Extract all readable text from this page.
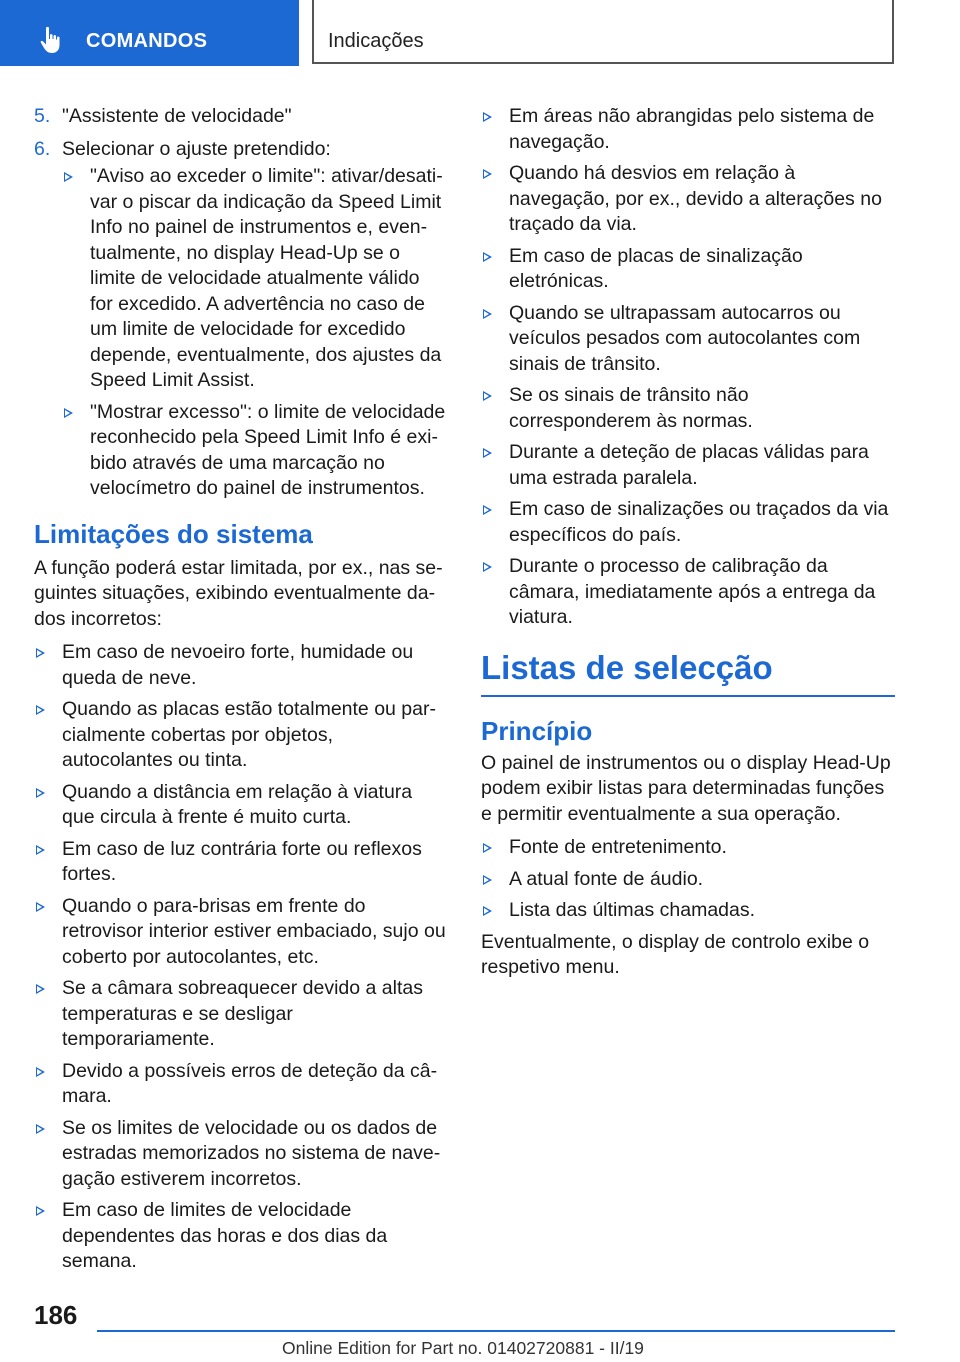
COMANDOS	Indicações
5. "Assistente de velocidade"
6. Selecionar o ajuste pretendido:
"Aviso ao exceder o limite": ativar/desativar o piscar da indicação da Speed Limit Info no painel de instrumentos e, eventualmente, no display Head-Up se o limite de velocidade atualmente válido for excedido. A advertência no caso de um limite de velocidade for excedido depende, eventualmente, dos ajustes da Speed Limit Assist.
"Mostrar excesso": o limite de velocidade reconhecido pela Speed Limit Info é exibido através de uma marcação no velocímetro do painel de instrumentos.
Limitações do sistema

A função poderá estar limitada, por ex., nas seguintes situações, exibindo eventualmente dados incorretos:

Em caso de nevoeiro forte, humidade ou queda de neve.
Quando as placas estão totalmente ou parcialmente cobertas por objetos, autocolantes ou tinta.
Quando a distância em relação à viatura que circula à frente é muito curta.
Em caso de luz contrária forte ou reflexos fortes.
Quando o para-brisas em frente do retrovisor interior estiver embaciado, sujo ou coberto por autocolantes, etc.
Se a câmara sobreaquecer devido a altas temperaturas e se desligar temporariamente.
Devido a possíveis erros de deteção da câmara.
Se os limites de velocidade ou os dados de estradas memorizados no sistema de navegação estiverem incorretos.
Em caso de limites de velocidade dependentes das horas e dos dias da semana.
Em áreas não abrangidas pelo sistema de navegação.
Quando há desvios em relação à navegação, por ex., devido a alterações no traçado da via.
Em caso de placas de sinalização eletrónicas.
Quando se ultrapassam autocarros ou veículos pesados com autocolantes com sinais de trânsito.
Se os sinais de trânsito não corresponderem às normas.
Durante a deteção de placas válidas para uma estrada paralela.
Em caso de sinalizações ou traçados da via específicos do país.
Durante o processo de calibração da câmara, imediatamente após a entrega da viatura.
Listas de selecção
Princípio

O painel de instrumentos ou o display Head-Up podem exibir listas para determinadas funções e permitir eventualmente a sua operação.

Fonte de entretenimento.
A atual fonte de áudio.
Lista das últimas chamadas.

Eventualmente, o display de controlo exibe o respetivo menu.

186
Online Edition for Part no. 01402720881 - II/19
